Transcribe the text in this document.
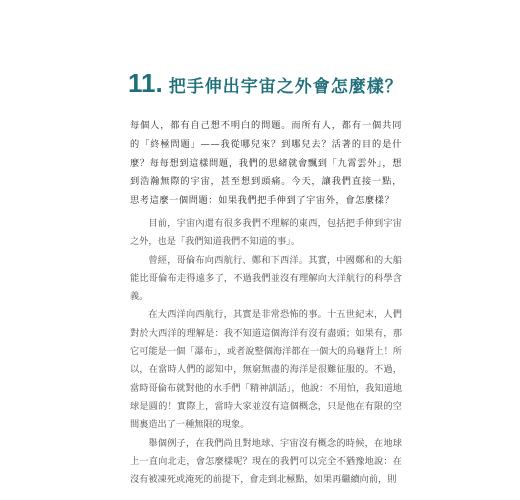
11. 把手伸出宇宙之外會怎麼樣？
每個人，都有自己想不明白的問題。而所有人，都有一個共同的「終極問題」——我從哪兒來？到哪兒去？活著的目的是什麼？每每想到這樣問題，我們的思緒就會飄到「九霄雲外」，想到浩瀚無際的宇宙，甚至想到頭痛。今天，讓我們直接一點，思考這麼一個問題：如果我們把手伸到了宇宙外，會怎麼樣？

目前，宇宙內還有很多我們不理解的東西，包括把手伸到宇宙之外，也是「我們知道我們不知道的事」。

曾經，哥倫布向西航行、鄭和下西洋。其實，中國鄭和的大船能比哥倫布走得遠多了，不過我們並沒有理解向大洋航行的科學含義。

在大西洋向西航行，其實是非常恐怖的事。十五世紀末，人們對於大西洋的理解是：我不知道這個海洋有沒有盡頭；如果有，那它可能是一個「瀑布」，或者說整個海洋都在一個大的烏龜背上！所以，在當時人們的認知中，無窮無盡的海洋是很難征服的。不過，當時哥倫布就對他的水手們「精神訓話」，他說：不用怕，我知道地球是圓的！實際上，當時大家並沒有這個概念，只是他在有限的空間裏造出了一種無限的現象。

舉個例子，在我們尚且對地球、宇宙沒有概念的時候，在地球上一直向北走，會怎麼樣呢？現在的我們可以完全不猶豫地說：在沒有被凍死或淹死的前提下，會走到北極點，如果再繼續向前，則
